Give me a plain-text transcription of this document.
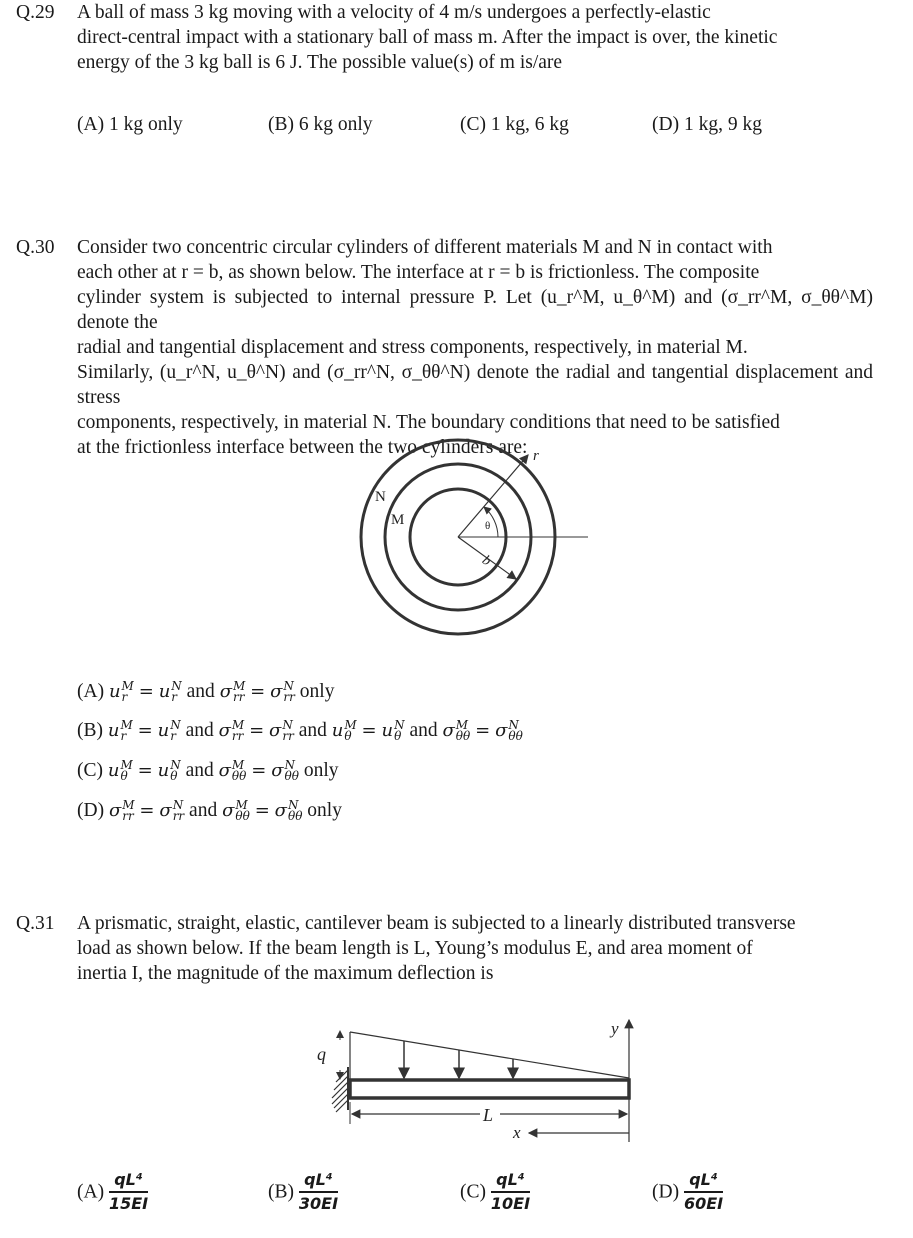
Q.29 A ball of mass 3 kg moving with a velocity of 4 m/s undergoes a perfectly-elastic
direct-central impact with a stationary ball of mass m. After the impact is over, the kinetic
energy of the 3 kg ball is 6 J. The possible value(s) of m is/are
(A) 1 kg only	(B) 6 kg only	(C) 1 kg, 6 kg	(D) 1 kg, 9 kg
Q.30 Consider two concentric circular cylinders of different materials M and N in contact with
each other at r = b, as shown below. The interface at r = b is frictionless. The composite
cylinder system is subjected to internal pressure P. Let (u_r^M, u_θ^M) and (σ_rr^M, σ_θθ^M) denote the
radial and tangential displacement and stress components, respectively, in material M.
Similarly, (u_r^N, u_θ^N) and (σ_rr^N, σ_θθ^N) denote the radial and tangential displacement and stress
components, respectively, in material N. The boundary conditions that need to be satisfied
at the frictionless interface between the two cylinders are:
N
M
r
θ
b
(A) u M
r = u N
r and σ M
rr = σ N
rr only
(B) u M
r = u N
r and σ M
rr = σ N
rr and u M
θ = u N
θ and σ M
θθ = σ N
θθ
(C) u M
θ = u N
θ and σ M
θθ = σ N
θθ only
(D) σ M
rr = σ N
rr and σ M
θθ = σ N
θθ only
Q.31 A prismatic, straight, elastic, cantilever beam is subjected to a linearly distributed transverse
load as shown below. If the beam length is L, Young’s modulus E, and area moment of
inertia I, the magnitude of the maximum deflection is
q
L
x
y
$(A) \frac{\text{qL⁴}}{15EI}$	$(B) \frac{\text{qL⁴}}{30EI}$	$(C) \frac{\text{qL⁴}}{10EI}$	$(D) \frac{\text{qL⁴}}{60EI}$
